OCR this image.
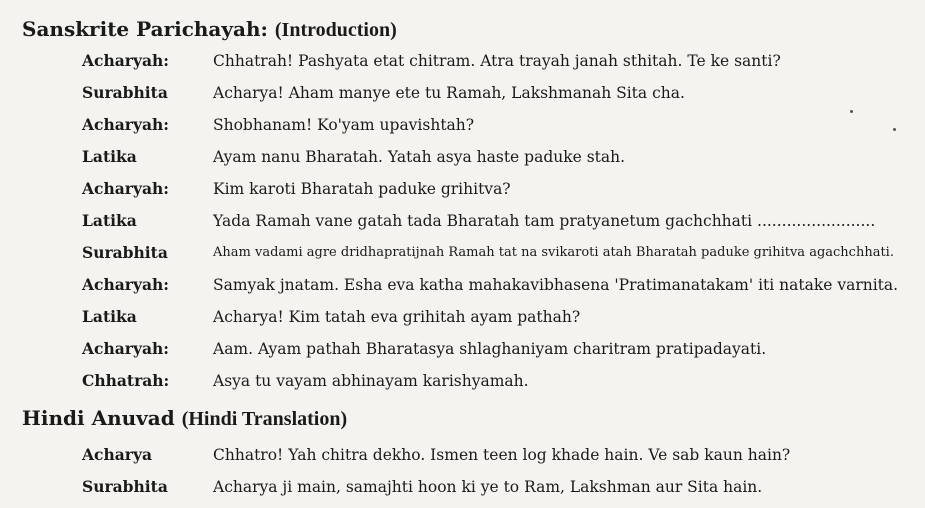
Sanskrite Parichayah: (Introduction)
Acharyah:	Chhatrah! Pashyata etat chitram. Atra trayah janah sthitah. Te ke santi?
Surabhita	Acharya! Aham manye ete tu Ramah, Lakshmanah Sita cha.
Acharyah:	Shobhanam! Ko'yam upavishtah?
Latika	Ayam nanu Bharatah. Yatah asya haste paduke stah.
Acharyah:	Kim karoti Bharatah paduke grihitva?
Latika	Yada Ramah vane gatah tada Bharatah tam pratyanetum gachchhati ........................
Surabhita	Aham vadami agre dridhapratijnah Ramah tat na svikaroti atah Bharatah paduke grihitva agachchhati.
Acharyah:	Samyak jnatam. Esha eva katha mahakavibhasena 'Pratimanatakam' iti natake varnita.
Latika	Acharya! Kim tatah eva grihitah ayam pathah?
Acharyah:	Aam. Ayam pathah Bharatasya shlaghaniyam charitram pratipadayati.
Chhatrah:	Asya tu vayam abhinayam karishyamah.
Hindi Anuvad (Hindi Translation)
Acharya	Chhatro! Yah chitra dekho. Ismen teen log khade hain. Ve sab kaun hain?
Surabhita	Acharya ji main, samajhti hoon ki ye to Ram, Lakshman aur Sita hain.
